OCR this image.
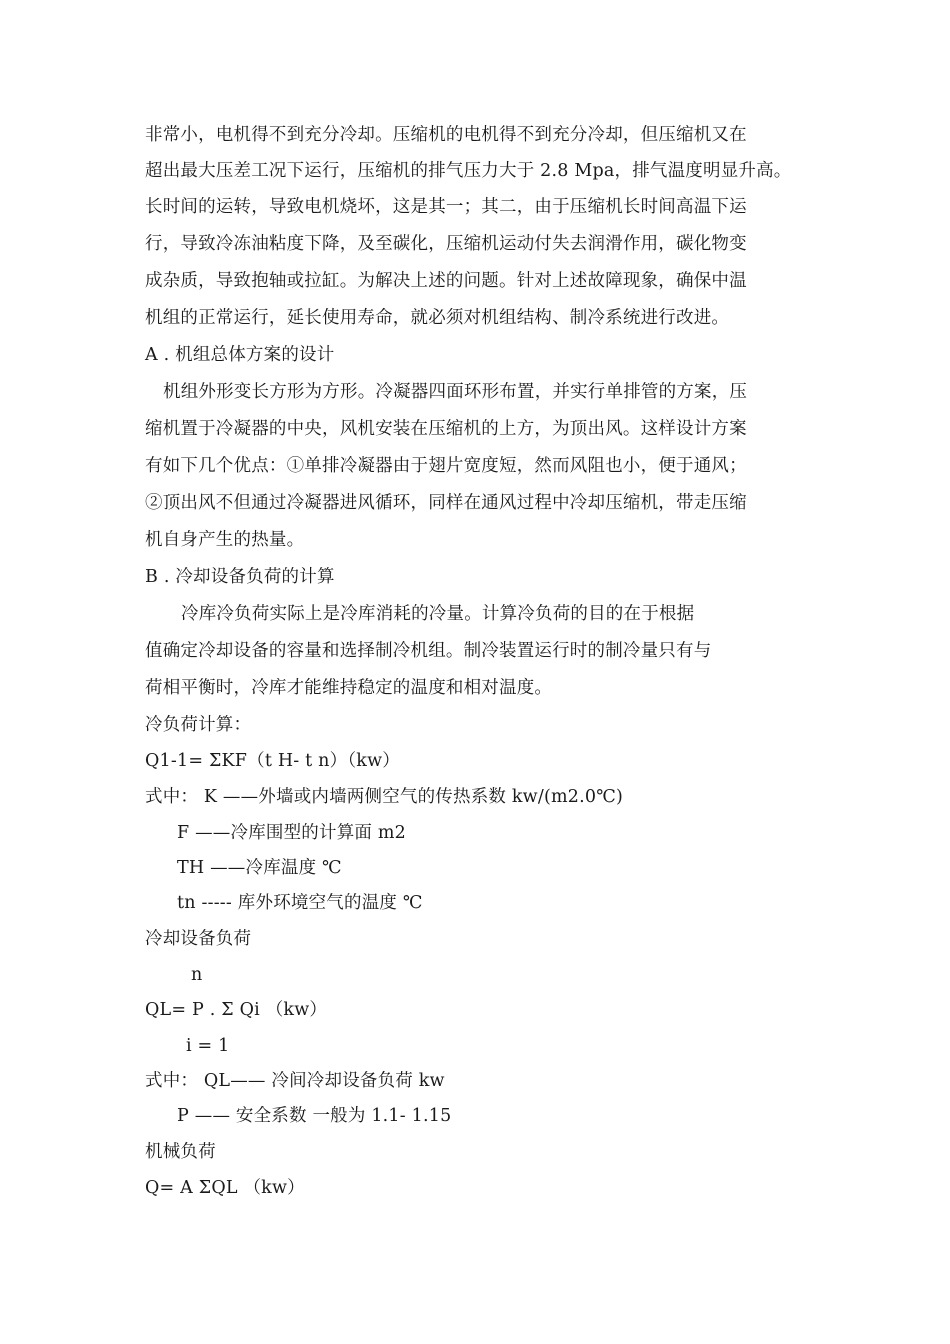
非常小，电机得不到充分冷却。压缩机的电机得不到充分冷却，但压缩机又在
超出最大压差工况下运行，压缩机的排气压力大于 2.8 Mpa，排气温度明显升高。
长时间的运转，导致电机烧坏，这是其一；其二，由于压缩机长时间高温下运
行，导致冷冻油粘度下降，及至碳化，压缩机运动付失去润滑作用，碳化物变
成杂质，导致抱轴或拉缸。为解决上述的问题。针对上述故障现象，确保中温
机组的正常运行，延长使用寿命，就必须对机组结构、制冷系统进行改进。
A . 机组总体方案的设计
机组外形变长方形为方形。冷凝器四面环形布置，并实行单排管的方案，压
缩机置于冷凝器的中央，风机安装在压缩机的上方，为顶出风。这样设计方案
有如下几个优点：①单排冷凝器由于翅片宽度短，然而风阻也小，便于通风；
②顶出风不但通过冷凝器进风循环，同样在通风过程中冷却压缩机，带走压缩
机自身产生的热量。
B . 冷却设备负荷的计算
冷库冷负荷实际上是冷库消耗的冷量。计算冷负荷的目的在于根据
值确定冷却设备的容量和选择制冷机组。制冷装置运行时的制冷量只有与
荷相平衡时，冷库才能维持稳定的温度和相对温度。
冷负荷计算：
Q1-1= ΣKF（t H- t n）（kw）
式中： K ——外墙或内墙两侧空气的传热系数 kw/(m2.0℃)
F ——冷库围型的计算面 m2
TH ——冷库温度 ℃
tn ----- 库外环境空气的温度 ℃
冷却设备负荷
n
QL= P . Σ Qi （kw）
i = 1
式中： QL—— 冷间冷却设备负荷 kw
P —— 安全系数 一般为 1.1- 1.15
机械负荷
Q= A ΣQL （kw）
